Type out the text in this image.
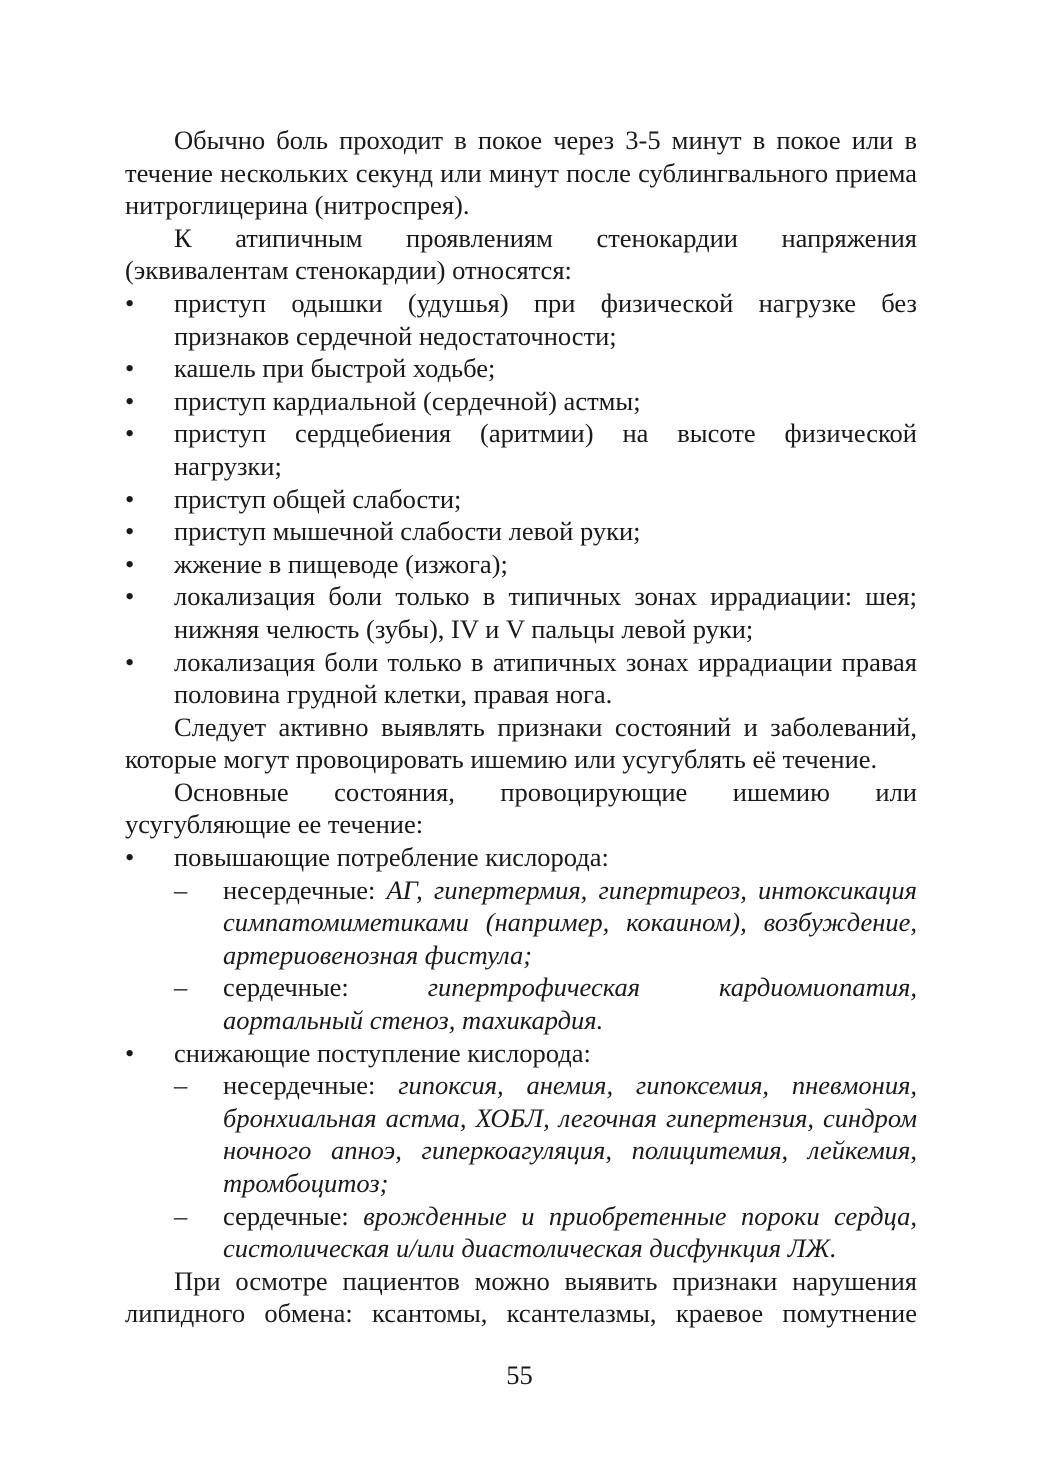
Обычно боль проходит в покое через 3-5 минут в покое или в течение нескольких секунд или минут после сублингвального приема нитроглицерина (нитроспрея).

К атипичным проявлениям стенокардии напряжения (эквивалентам стенокардии) относятся:

• приступ одышки (удушья) при физической нагрузке без признаков сердечной недостаточности;
• кашель при быстрой ходьбе;
• приступ кардиальной (сердечной) астмы;
• приступ сердцебиения (аритмии) на высоте физической нагрузки;
• приступ общей слабости;
• приступ мышечной слабости левой руки;
• жжение в пищеводе (изжога);
• локализация боли только в типичных зонах иррадиации: шея; нижняя челюсть (зубы), IV и V пальцы левой руки;
• локализация боли только в атипичных зонах иррадиации правая половина грудной клетки, правая нога.

Следует активно выявлять признаки состояний и заболеваний, которые могут провоцировать ишемию или усугублять её течение.

Основные состояния, провоцирующие ишемию или усугубляющие ее течение:

• повышающие потребление кислорода:
– несердечные: АГ, гипертермия, гипертиреоз, интоксикация симпатомиметиками (например, кокаином), возбуждение, артериовенозная фистула;
– сердечные: гипертрофическая кардиомиопатия, аортальный стеноз, тахикардия.
• снижающие поступление кислорода:
– несердечные: гипоксия, анемия, гипоксемия, пневмония, бронхиальная астма, ХОБЛ, легочная гипертензия, синдром ночного апноэ, гиперкоагуляция, полицитемия, лейкемия, тромбоцитоз;
– сердечные: врожденные и приобретенные пороки сердца, систолическая и/или диастолическая дисфункция ЛЖ.

При осмотре пациентов можно выявить признаки нарушения липидного обмена: ксантомы, ксантелазмы, краевое помутнение

55
